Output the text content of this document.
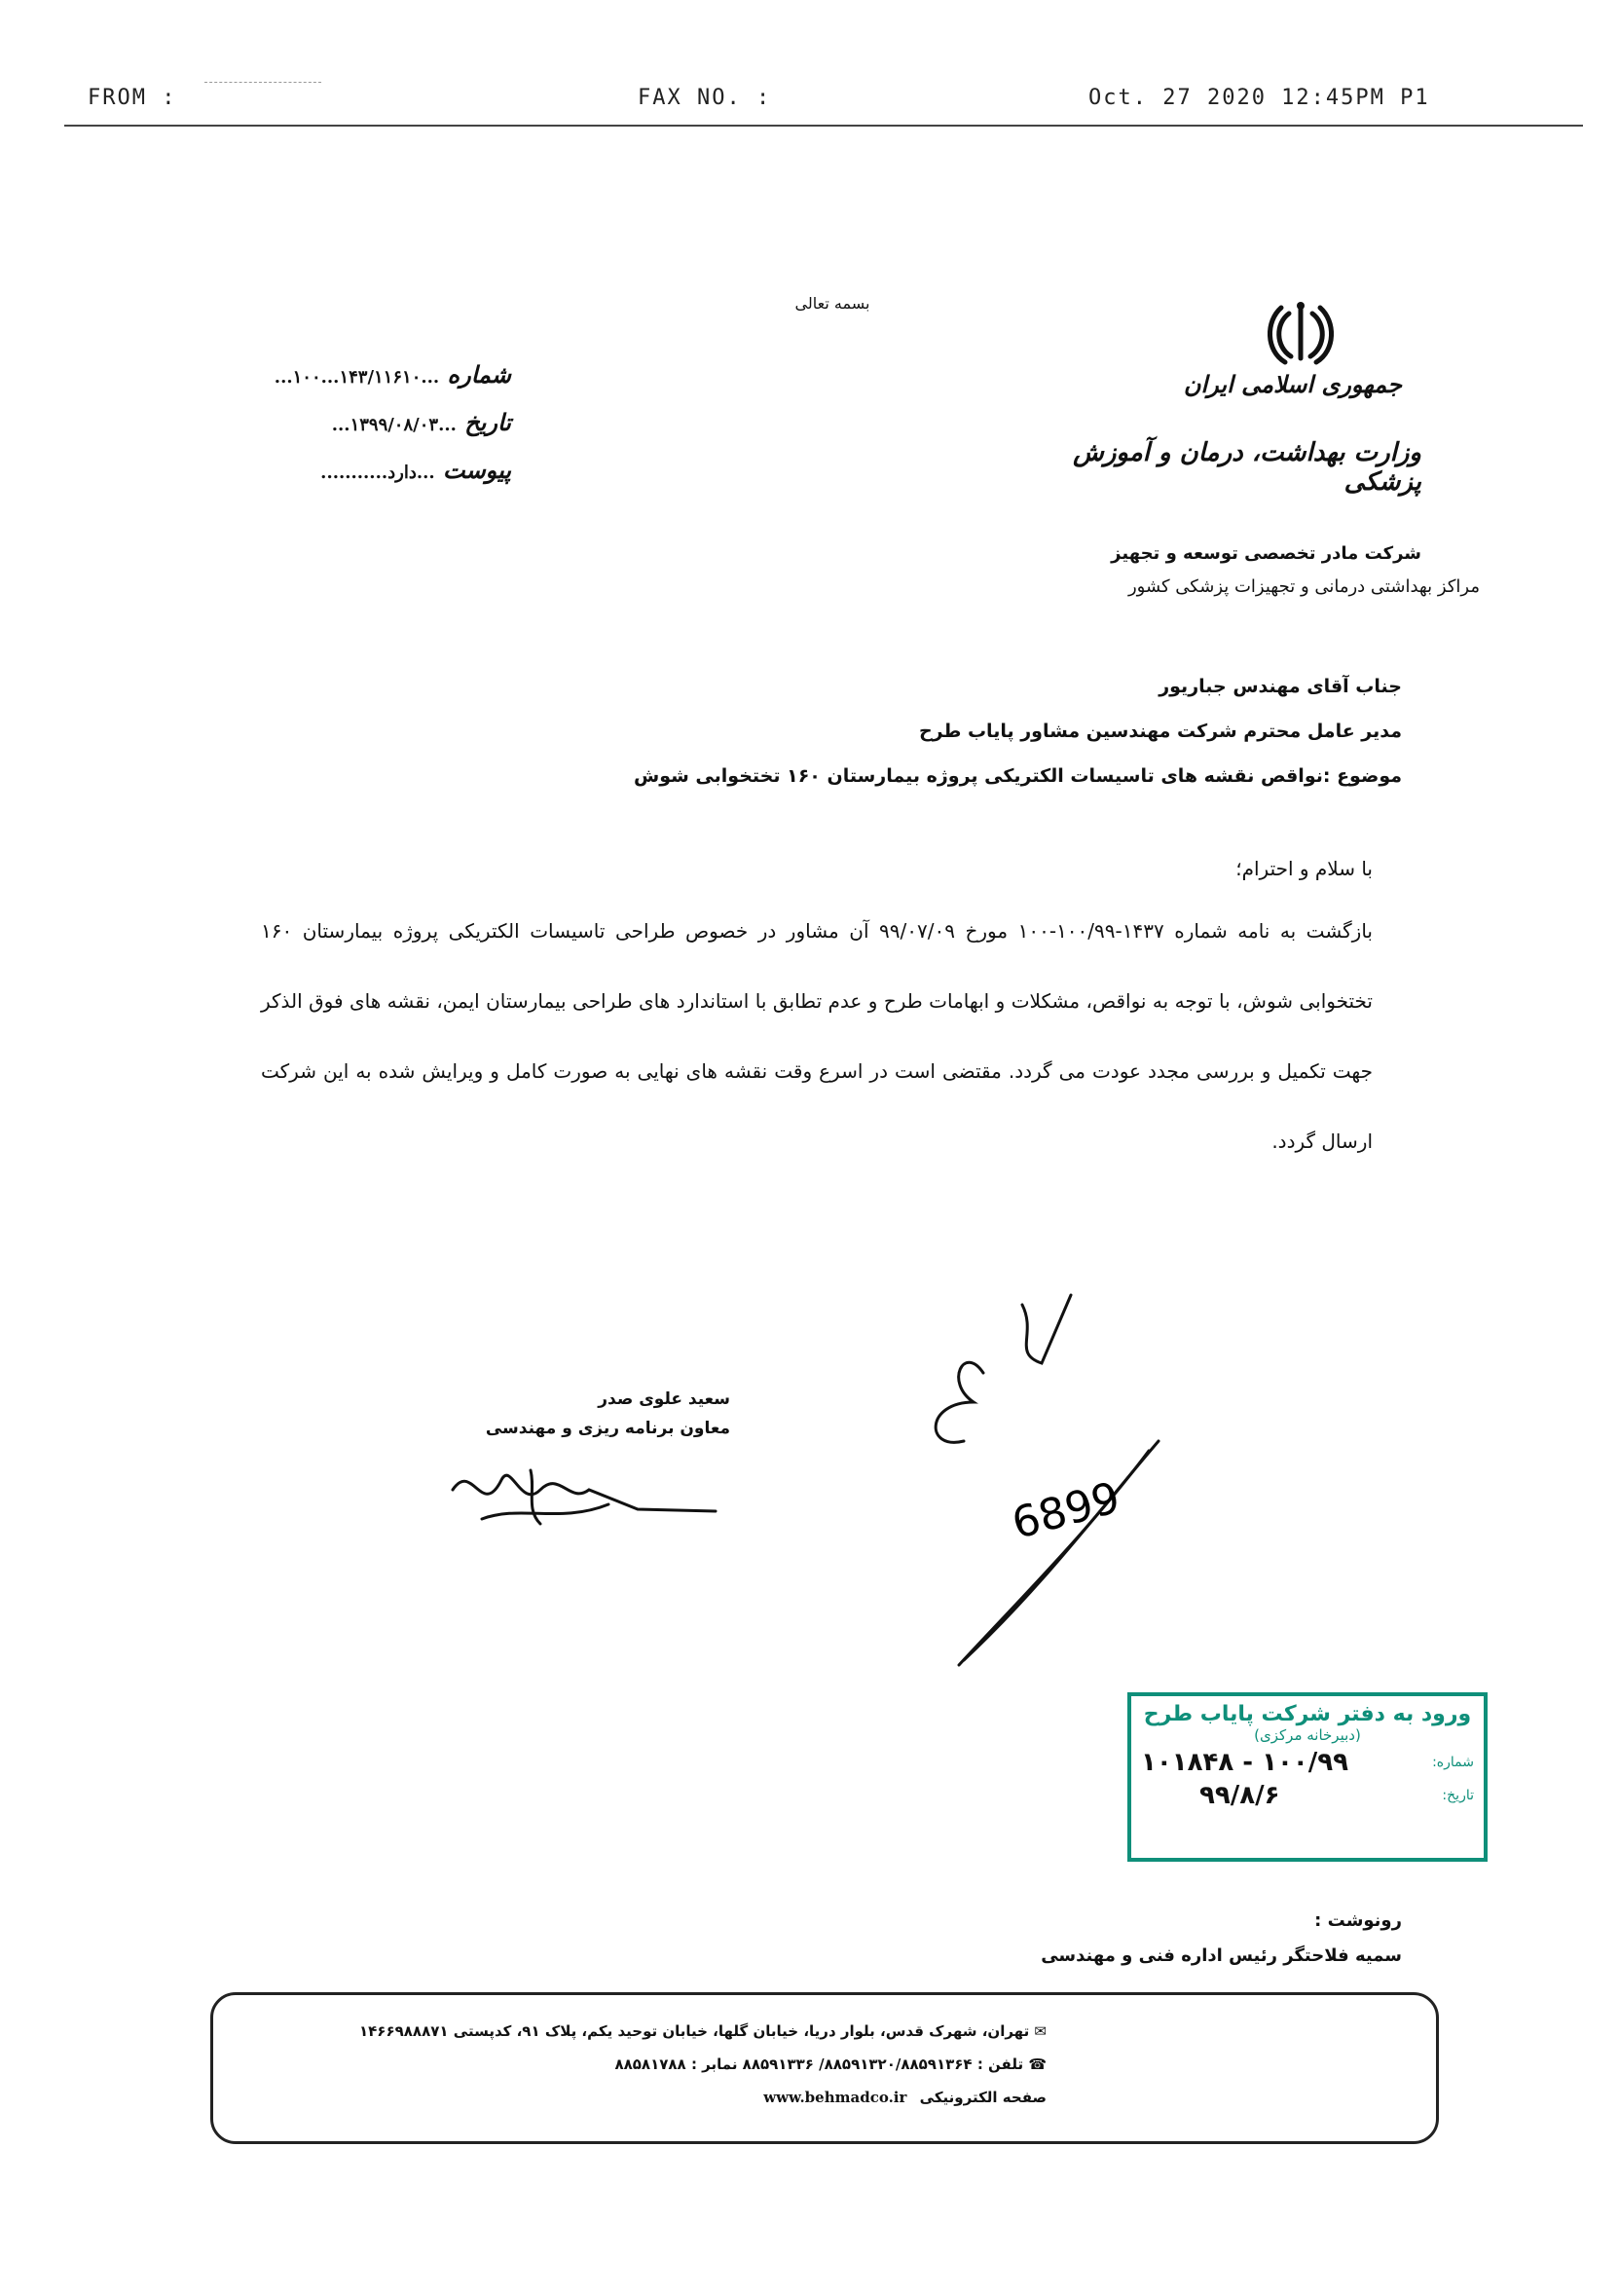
FROM :	FAX NO. :	Oct. 27 2020 12:45PM P1
بسمه تعالی
جمهوری اسلامی ایران
وزارت بهداشت، درمان و آموزش پزشکی
شرکت مادر تخصصی توسعه و تجهیز
مراکز بهداشتی درمانی و تجهیزات پزشکی کشور
شماره ...۱۴۳/۱۱۶۱۰...۱۰۰...
تاریخ ...۱۳۹۹/۰۸/۰۳...
پیوست ...دارد...........
جناب آقای مهندس جباریور
مدیر عامل محترم شرکت مهندسین مشاور پایاب طرح
موضوع :نواقص نقشه های تاسیسات الکتریکی پروژه بیمارستان ۱۶۰ تختخوابی شوش
با سلام و احترام؛
بازگشت به نامه شماره ۱۴۳۷-۱۰۰/۹۹-۱۰۰ مورخ ۹۹/۰۷/۰۹ آن مشاور در خصوص طراحی تاسیسات الکتریکی پروژه بیمارستان ۱۶۰ تختخوابی شوش، با توجه به نواقص، مشکلات و ابهامات طرح و عدم تطابق با استاندارد های طراحی بیمارستان ایمن، نقشه های فوق الذکر جهت تکمیل و بررسی مجدد عودت می گردد. مقتضی است در اسرع وقت نقشه های نهایی به صورت کامل و ویرایش شده به این شرکت ارسال گردد.
سعید علوی صدر
معاون برنامه ریزی و مهندسی
6899
ورود به دفتر شرکت پایاب طرح
(دبیرخانه مرکزی)
شماره:
۱۰۰/۹۹ - ۱۰۱۸۴۸
تاریخ:
۹۹/۸/۶
رونوشت :
سمیه فلاحتگر رئیس اداره فنی و مهندسی
✉ تهران، شهرک قدس، بلوار دریا، خیابان گلها، خیابان توحید یکم، پلاک ۹۱، کدپستی ۱۴۶۶۹۸۸۸۷۱
☎ تلفن : ۸۸۵۹۱۳۲۰/۸۸۵۹۱۳۶۴/ ۸۸۵۹۱۳۳۶ نمابر : ۸۸۵۸۱۷۸۸
صفحه الکترونیکی www.behmadco.ir
